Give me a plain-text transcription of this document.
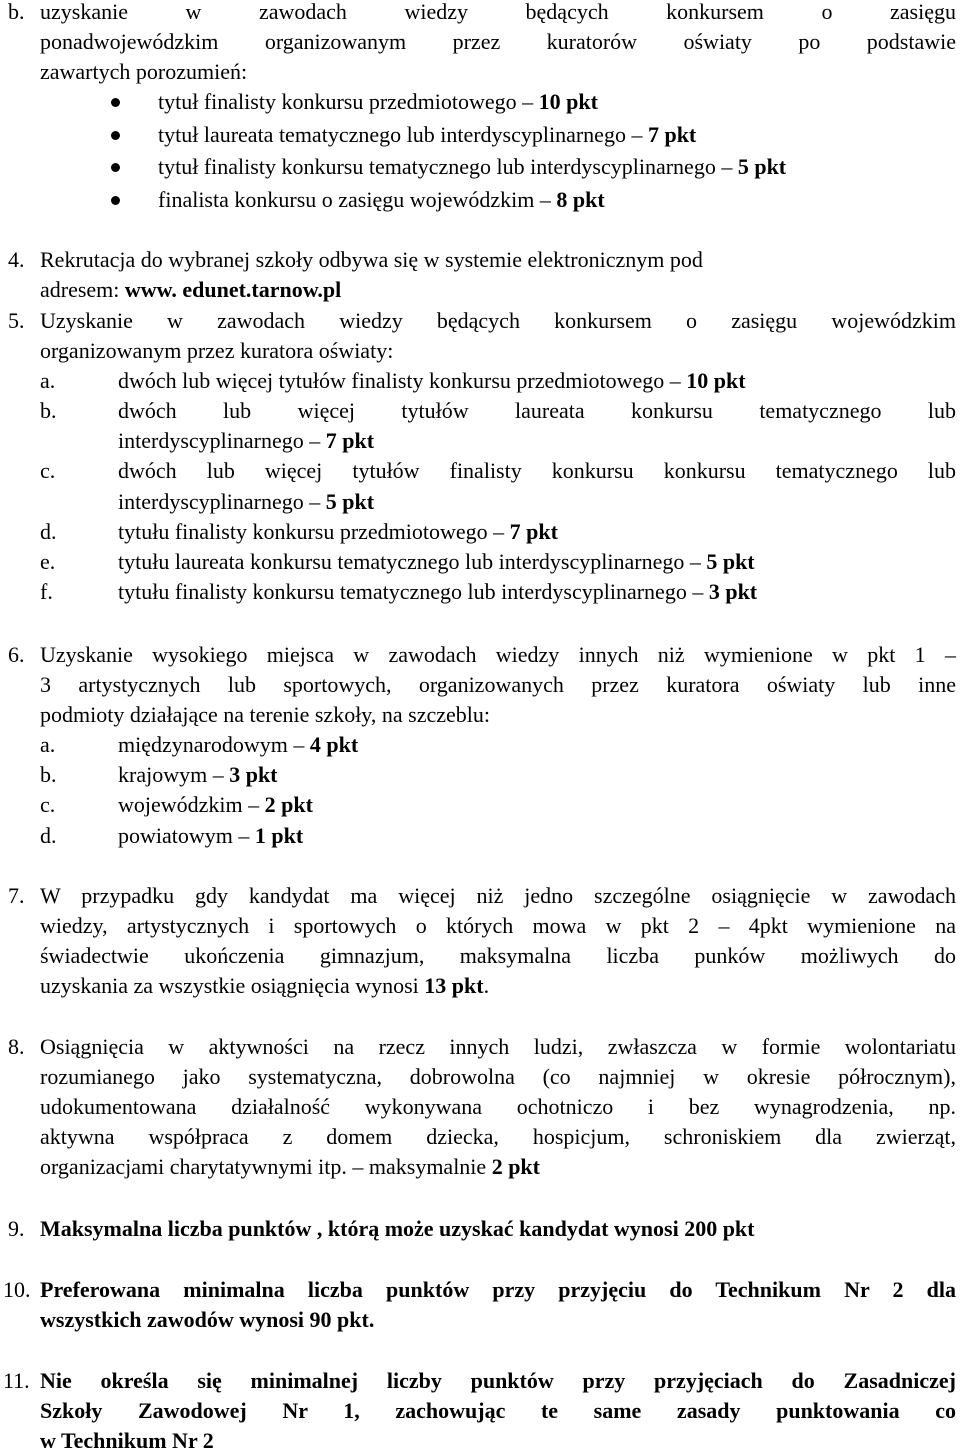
b. uzyskanie w zawodach wiedzy będących konkursem o zasięgu
ponadwojewódzkim organizowanym przez kuratorów oświaty po podstawie
zawartych porozumień:
tytuł finalisty konkursu przedmiotowego – 10 pkt
tytuł laureata tematycznego lub interdyscyplinarnego – 7 pkt
tytuł finalisty konkursu tematycznego lub interdyscyplinarnego – 5 pkt
finalista konkursu o zasięgu wojewódzkim – 8 pkt
4. Rekrutacja do wybranej szkoły odbywa się w systemie elektronicznym pod
adresem: www. edunet.tarnow.pl
5. Uzyskanie w zawodach wiedzy będących konkursem o zasięgu wojewódzkim
organizowanym przez kuratora oświaty:
a.	dwóch lub więcej tytułów finalisty konkursu przedmiotowego – 10 pkt
b.	dwóch lub więcej tytułów laureata konkursu tematycznego lub
interdyscyplinarnego – 7 pkt
c.	dwóch lub więcej tytułów finalisty konkursu konkursu tematycznego lub
interdyscyplinarnego – 5 pkt
d.	tytułu finalisty konkursu przedmiotowego – 7 pkt
e.	tytułu laureata konkursu tematycznego lub interdyscyplinarnego – 5 pkt
f.	tytułu finalisty konkursu tematycznego lub interdyscyplinarnego – 3 pkt
6. Uzyskanie wysokiego miejsca w zawodach wiedzy innych niż wymienione w pkt 1 –
3 artystycznych lub sportowych, organizowanych przez kuratora oświaty lub inne
podmioty działające na terenie szkoły, na szczeblu:
a.	międzynarodowym – 4 pkt
b.	krajowym – 3 pkt
c.	wojewódzkim – 2 pkt
d.	powiatowym – 1 pkt
7. W przypadku gdy kandydat ma więcej niż jedno szczególne osiągnięcie w zawodach
wiedzy, artystycznych i sportowych o których mowa w pkt 2 – 4pkt wymienione na
świadectwie ukończenia gimnazjum, maksymalna liczba punków możliwych do
uzyskania za wszystkie osiągnięcia wynosi 13 pkt.
8. Osiągnięcia w aktywności na rzecz innych ludzi, zwłaszcza w formie wolontariatu
rozumianego jako systematyczna, dobrowolna (co najmniej w okresie półrocznym),
udokumentowana działalność wykonywana ochotniczo i bez wynagrodzenia, np.
aktywna współpraca z domem dziecka, hospicjum, schroniskiem dla zwierząt,
organizacjami charytatywnymi itp. – maksymalnie 2 pkt
9. Maksymalna liczba punktów , którą może uzyskać kandydat wynosi 200 pkt
10. Preferowana minimalna liczba punktów przy przyjęciu do Technikum Nr 2 dla
wszystkich zawodów wynosi 90 pkt.
11. Nie określa się minimalnej liczby punktów przy przyjęciach do Zasadniczej
Szkoły Zawodowej Nr 1, zachowując te same zasady punktowania co
w Technikum Nr 2
